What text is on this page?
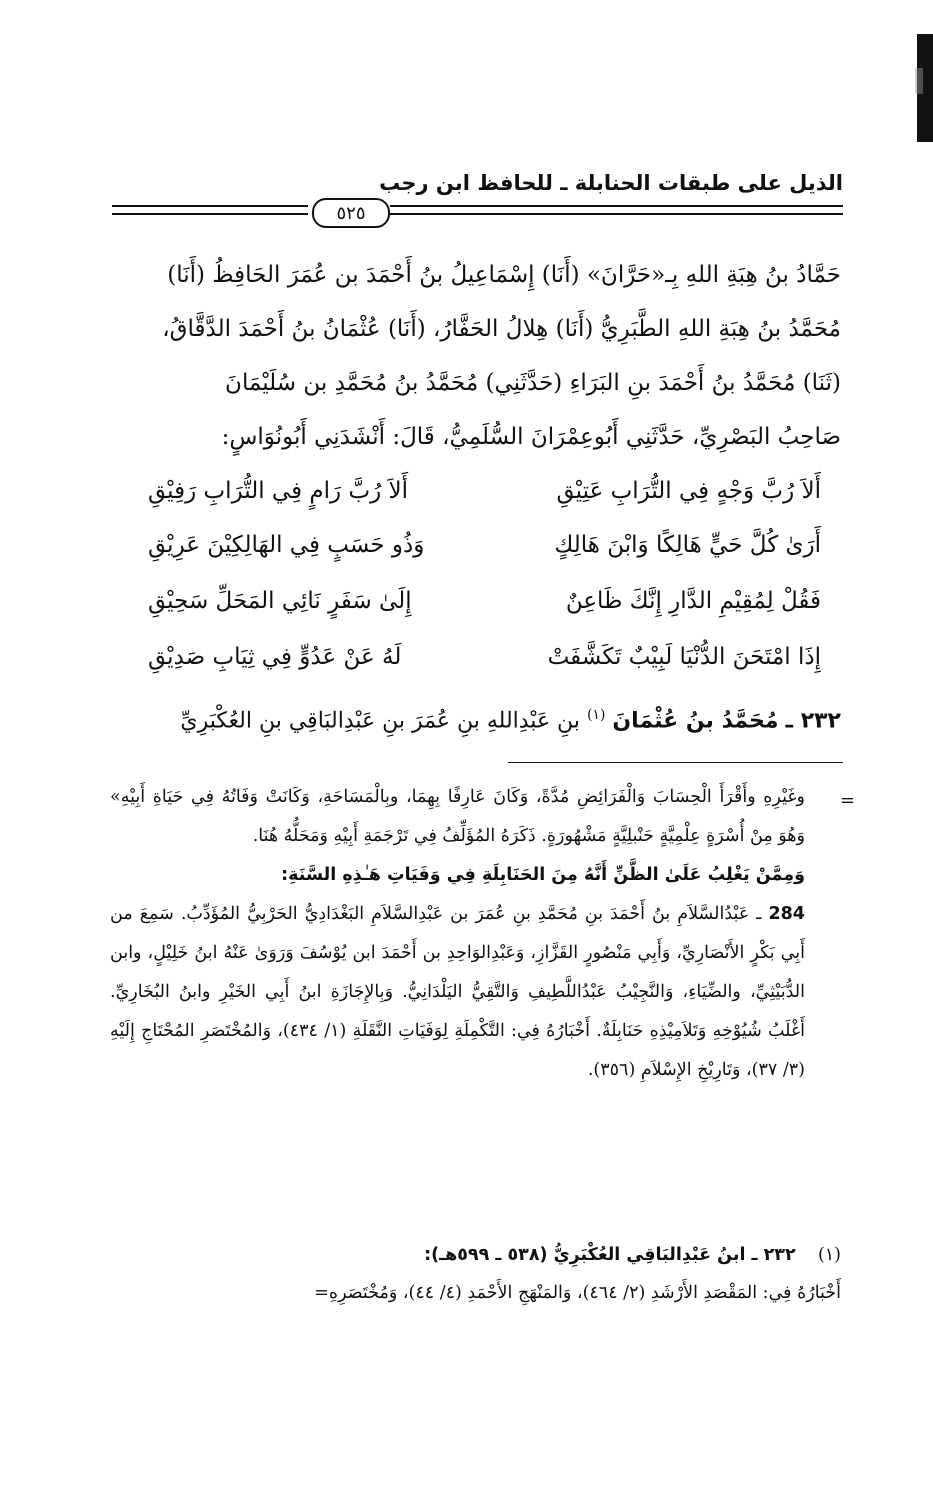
الذيل على طبقات الحنابلة ـ للحافظ ابن رجب
٥٢٥

حَمَّادُ بنُ هِبَةِ اللهِ بِـ«حَرَّانَ» (أَنَا) إِسْمَاعِيلُ بنُ أَحْمَدَ بن عُمَرَ الحَافِظُ (أَنَا)

مُحَمَّدُ بنُ هِبَةِ اللهِ الطَّبَرِيُّ (أَنَا) هِلالُ الحَفَّارُ، (أَنَا) عُثْمَانُ بنُ أَحْمَدَ الدَّقَّاقُ،

(ثَنَا) مُحَمَّدُ بنُ أَحْمَدَ بنِ البَرَاءِ (حَدَّثَنِي) مُحَمَّدُ بنُ مُحَمَّدِ بن سُلَيْمَانَ

صَاحِبُ البَصْرِيِّ، حَدَّثَنِي أَبُوعِمْرَانَ السُّلَمِيُّ، قَالَ: أَنْشَدَنِي أَبُونُوَاسٍ:

أَلاَ رُبَّ وَجْهٍ فِي التُّرَابِ عَتِيْقِ
أَلاَ رُبَّ رَامٍ فِي التُّرَابِ رَفِيْقِ
أَرَىٰ كُلَّ حَيٍّ هَالِكًا وَابْنَ هَالِكٍ
وَذُو حَسَبٍ فِي الهَالِكِيْنَ عَرِيْقِ
فَقُلْ لِمُقِيْمِ الدَّارِ إِنَّكَ ظَاعِنٌ
إِلَىٰ سَفَرٍ نَائِي المَحَلِّ سَحِيْقِ
إِذَا امْتَحَنَ الدُّنْيَا لَبِيْبٌ تَكَشَّفَتْ
لَهُ عَنْ عَدُوٍّ فِي ثِيَابِ صَدِيْقِ
٢٣٢ ـ مُحَمَّدُ بنُ عُثْمَانَ $^{(١)}$ بنِ عَبْدِاللهِ بنِ عُمَرَ بنِ عَبْدِالبَاقِي بنِ العُكْبَرِيِّ
=

وغَيْرِهِ وأَقْرَأَ الْحِسَابَ وَالْفَرَائِضِ مُدَّةً، وَكَانَ عَارِفًا بِهِمَا، وبِالْمَسَاحَةِ، وَكَانَتْ وَفَاتُهُ فِي حَيَاةِ أَبِيْهِ» وَهُوَ مِنْ أُسْرَةٍ عِلْمِيَّةٍ حَنْبلِيَّةٍ مَشْهُورَةٍ. ذَكَرَهُ المُؤَلِّفُ فِي تَرْجَمَةِ أَبِيْهِ وَمَحَلُّهُ هُنَا.

وَمِمَّنْ يَغْلِبُ عَلَىٰ الظَّنِّ أَنَّهُ مِنَ الحَنَابِلَةِ فِي وَفَيَاتِ هَـٰذِهِ السَّنَةِ:

284 ـ عَبْدُالسَّلاَمِ بنُ أَحْمَدَ بنِ مُحَمَّدِ بنِ عُمَرَ بن عَبْدِالسَّلاَمِ البَغْدَادِيُّ الحَرْبِيُّ المُؤَدِّبُ. سَمِعَ من أَبِي بَكْرٍ الأَنْصَارِيِّ، وَأَبِي مَنْصُورٍ القَزَّازِ، وَعَبْدِالوَاحِدِ بن أَحْمَدَ ابن يُوْسُفَ وَرَوَىٰ عَنْهُ ابنُ خَلِيْلٍ، وابن الدُّبَيْثِيِّ، والضِّيَاءِ، وَالنَّجِيْبُ عَبْدُاللَّطِيفِ وَالتَّقِيُّ اليَلْدَانِيُّ. وَبِالإِجَازَةِ ابنُ أَبِي الخَيْرِ وابنُ البُخَارِيِّ. أَغْلَبُ شُيُوْخِهِ وَتَلاَمِيْذِهِ حَنَابِلَةٌ. أَخْبَارُهُ فِي: التَّكْمِلَةِ لِوَفَيَاتِ النَّقَلَةِ (١/ ٤٣٤)، وَالمُخْتَصَرِ المُحْتَاجِ إِلَيْهِ (٣/ ٣٧)، وَتَارِيْخِ الإِسْلاَمِ (٣٥٦).

(١)    ٢٣٢ ـ ابنُ عَبْدِالبَاقِي العُكْبَرِيُّ (٥٣٨ ـ ٥٩٩هـ):
أَخْبَارُهُ فِي: المَقْصَدِ الأَرْشَدِ (٢/ ٤٦٤)، وَالمَنْهَجِ الأَحْمَدِ (٤/ ٤٤)، وَمُخْتَصَرِهِ=
